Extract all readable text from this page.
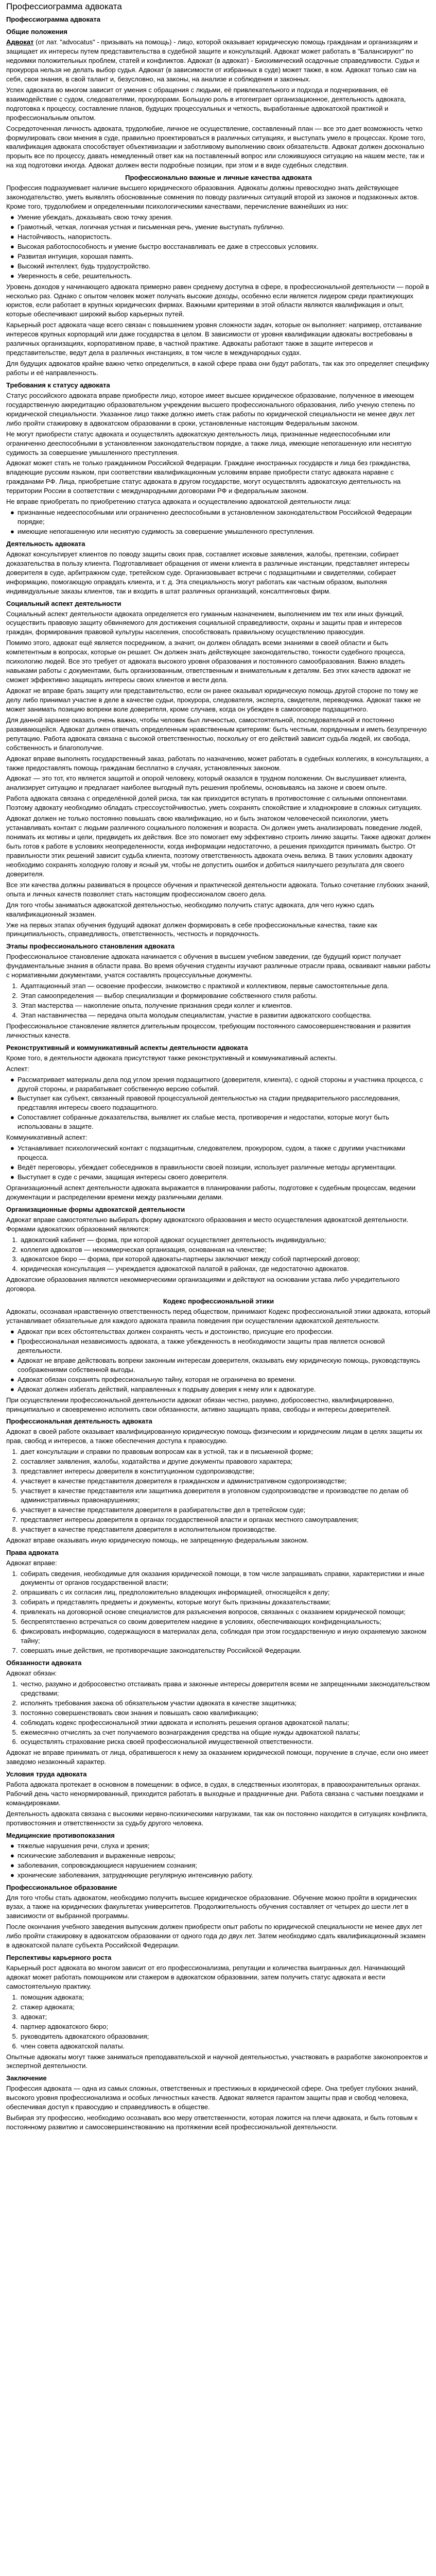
Профессиограмма адвоката
Профессиограмма адвоката
Общие положения

Адвокат (от лат. "advocatus" - призывать на помощь) - лицо, которой оказывает юридическую помощь гражданам и организациям и защищает их интересы путем представительства в судебной защите и консультаций. Адвокат может работать в "Балансируют" по недоимки положительных проблем, статей и конфликтов. Адвокат (в адвокат) - Биохимический осадочные справедливости. Судья и прокурора нельзя не делать выбор судья. Адвокат (в зависимости от избранных в суде) может также, в ком. Адвокат только сам на себя, свои знания, в свой талант и, безусловно, на законы, на анализе и соблюдения и законных.

Успех адвоката во многом зависит от умения с обращения с людьми, её привлекательного и подхода и подчеркивания, её взаимодействие с судом, следователями, прокурорами. Большую роль в итогеиграет организационное, деятельность адвоката, подготовка к процессу, составление планов, будущих процессуальных и четкость, выработанные адвокатской практикой и профессиональным опытом.

Сосредоточенная личность адвоката, трудолюбие, личное не осуществление, составленный план — все это дает возможность четко формулировать свои мнения в суде, правильно проектироваться в различных ситуациях, и выступать умело в процессах. Кроме того, квалификация адвоката способствует объективизации и заботливому выполнению своих обязательств. Адвокат должен досконально прорыть все по процессу, давать немедленный ответ как на поставленный вопрос или сложившуюся ситуацию на нашем месте, так и на ход подготовки иногда. Адвокат должен вести подробные позиции, при этом и в виде судебных следствия.

Профессионально важные и личные качества адвоката

Профессия подразумевает наличие высшего юридического образования. Адвокаты должны превосходно знать действующее законодательство, уметь выявлять обоснованные сомнения по поводу различных ситуаций второй из законов и подзаконных актов. Кроме того, трудолюбием и определенными психологическими качествами, перечисление важнейших из них:

● Умение убеждать, доказывать свою точку зрения.
● Грамотный, четкая, логичная устная и письменная речь, умение выступать публично.
● Настойчивость, напористость.
● Высокая работоспособность и умение быстро восстанавливать ее даже в стрессовых условиях.
● Развитая интуиция, хорошая память.
● Высокий интеллект, будь трудоустройство.
● Уверенность в себе, решительность.

Уровень доходов у начинающего адвоката примерно равен среднему доступна в сфере, в профессиональной деятельности — порой в несколько раз. Однако с опытом человек может получать высокие доходы, особенно если является лидером среди практикующих юристов, если работает в крупных юридических фирмах. Важными критериями в этой области являются квалификация и опыт, которые обеспечивают широкий выбор карьерных путей.

Карьерный рост адвоката чаще всего связан с повышением уровня сложности задач, которые он выполняет: например, отстаивание интересов крупных корпораций или даже государства в целом. В зависимости от уровня квалификации адвокаты востребованы в различных организациях, корпоративном праве, в частной практике. Адвокаты работают также в защите интересов и представительстве, ведут дела в различных инстанциях, в том числе в международных судах.

Для будущих адвокатов крайне важно четко определиться, в какой сфере права они будут работать, так как это определяет специфику работы и её направленность.

Требования к статусу адвоката

Статус российского адвоката вправе приобрести лицо, которое имеет высшее юридическое образование, полученное в имеющем государственную аккредитацию образовательном учреждении высшего профессионального образования, либо ученую степень по юридической специальности. Указанное лицо также должно иметь стаж работы по юридической специальности не менее двух лет либо пройти стажировку в адвокатском образовании в сроки, установленные настоящим Федеральным законом.

Не могут приобрести статус адвоката и осуществлять адвокатскую деятельность лица, признанные недееспособными или ограниченно дееспособными в установленном законодательством порядке, а также лица, имеющие непогашенную или неснятую судимость за совершение умышленного преступления.

Адвокат может стать не только гражданином Российской Федерации. Граждане иностранных государств и лица без гражданства, владеющие русским языком, при соответствии квалификационным условиям вправе приобрести статус адвоката наравне с гражданами РФ. Лица, приобретшие статус адвоката в другом государстве, могут осуществлять адвокатскую деятельность на территории России в соответствии с международными договорами РФ и федеральным законом.

Не вправе приобретать по приобретению статуса адвоката и осуществлению адвокатской деятельности лица:

● признанные недееспособными или ограниченно дееспособными в установленном законодательством Российской Федерации порядке;
● имеющие непогашенную или неснятую судимость за совершение умышленного преступления.
Деятельность адвоката

Адвокат консультирует клиентов по поводу защиты своих прав, составляет исковые заявления, жалобы, претензии, собирает доказательства в пользу клиента. Подготавливает обращения от имени клиента в различные инстанции, представляет интересы доверителя в суде, арбитражном суде, третейском суде. Организовывает встречи с подзащитными и свидетелями, собирает информацию, помогающую оправдать клиента, и т. д. Эта специальность могут работать как частным образом, выполняя индивидуальные заказы клиентов, так и входить в штат различных организаций, консалтинговых фирм.

Социальный аспект деятельности

Социальный аспект деятельности адвоката определяется его гуманным назначением, выполнением им тех или иных функций, осуществить правовую защиту обвиняемого для достижения социальной справедливости, охраны и защиты прав и интересов граждан, формирования правовой культуры населения, способствовать правильному осуществлению правосудия.

Помимо этого, адвокат ещё является посредником, а значит, он должен обладать всеми знаниями в своей области и быть компетентным в вопросах, которые он решает. Он должен знать действующее законодательство, тонкости судебного процесса, психологию людей. Все это требует от адвоката высокого уровня образования и постоянного самообразования. Важно владеть навыками работы с документами, быть организованным, ответственным и внимательным к деталям. Без этих качеств адвокат не сможет эффективно защищать интересы своих клиентов и вести дела.

Адвокат не вправе брать защиту или представительство, если он ранее оказывал юридическую помощь другой стороне по тому же делу либо принимал участие в деле в качестве судьи, прокурора, следователя, эксперта, свидетеля, переводчика. Адвокат также не может занимать позицию вопреки воле доверителя, кроме случаев, когда он убежден в самооговоре подзащитного.

Для данной заранее оказать очень важно, чтобы человек был личностью, самостоятельной, последовательной и постоянно развивающейся. Адвокат должен отвечать определенным нравственным критериям: быть честным, порядочным и иметь безупречную репутацию. Работа адвоката связана с высокой ответственностью, поскольку от его действий зависит судьба людей, их свобода, собственность и благополучие.

Адвокат вправе выполнять государственный заказ, работать по назначению, может работать в судебных коллегиях, в консультациях, а также предоставлять помощь гражданам бесплатно в случаях, установленных законом.

Адвокат — это тот, кто является защитой и опорой человеку, который оказался в трудном положении. Он выслушивает клиента, анализирует ситуацию и предлагает наиболее выгодный путь решения проблемы, основываясь на законе и своем опыте.

Работа адвоката связана с определённой долей риска, так как приходится вступать в противостояние с сильными оппонентами. Поэтому адвокату необходимо обладать стрессоустойчивостью, уметь сохранять спокойствие и хладнокровие в сложных ситуациях.

Адвокат должен не только постоянно повышать свою квалификацию, но и быть знатоком человеческой психологии, уметь устанавливать контакт с людьми различного социального положения и возраста. Он должен уметь анализировать поведение людей, понимать их мотивы и цели, предвидеть их действия. Все это помогает ему эффективно строить линию защиты. Также адвокат должен быть готов к работе в условиях неопределенности, когда информации недостаточно, а решения приходится принимать быстро. От правильности этих решений зависит судьба клиента, поэтому ответственность адвоката очень велика. В таких условиях адвокату необходимо сохранять холодную голову и ясный ум, чтобы не допустить ошибок и добиться наилучшего результата для своего доверителя.

Все эти качества должны развиваться в процессе обучения и практической деятельности адвоката. Только сочетание глубоких знаний, опыта и личных качеств позволяет стать настоящим профессионалом своего дела.

Для того чтобы заниматься адвокатской деятельностью, необходимо получить статус адвоката, для чего нужно сдать квалификационный экзамен.

Уже на первых этапах обучения будущий адвокат должен формировать в себе профессиональные качества, такие как принципиальность, справедливость, ответственность, честность и порядочность.

Этапы профессионального становления адвоката

Профессиональное становление адвоката начинается с обучения в высшем учебном заведении, где будущий юрист получает фундаментальные знания в области права. Во время обучения студенты изучают различные отрасли права, осваивают навыки работы с нормативными документами, учатся составлять процессуальные документы.

1. Адаптационный этап — освоение профессии, знакомство с практикой и коллективом, первые самостоятельные дела.
2. Этап самоопределения — выбор специализации и формирование собственного стиля работы.
3. Этап мастерства — накопление опыта, получение признания среди коллег и клиентов.
4. Этап наставничества — передача опыта молодым специалистам, участие в развитии адвокатского сообщества.

Профессиональное становление является длительным процессом, требующим постоянного самосовершенствования и развития личностных качеств.

Реконструктивный и коммуникативный аспекты деятельности адвоката

Кроме того, в деятельности адвоката присутствуют также реконструктивный и коммуникативный аспекты.

Аспект:

● Рассматривает материалы дела под углом зрения подзащитного (доверителя, клиента), с одной стороны и участника процесса, с другой стороны, и разрабатывает собственную версию событий.
● Выступает как субъект, связанный правовой процессуальной деятельностью на стадии предварительного расследования, представляя интересы своего подзащитного.
● Сопоставляет собранные доказательства, выявляет их слабые места, противоречия и недостатки, которые могут быть использованы в защите.

Коммуникативный аспект:

● Устанавливает психологический контакт с подзащитным, следователем, прокурором, судом, а также с другими участниками процесса.
● Ведёт переговоры, убеждает собеседников в правильности своей позиции, использует различные методы аргументации.
● Выступает в суде с речами, защищая интересы своего доверителя.

Организационный аспект деятельности адвоката выражается в планировании работы, подготовке к судебным процессам, ведении документации и распределении времени между различными делами.

Организационные формы адвокатской деятельности

Адвокат вправе самостоятельно выбирать форму адвокатского образования и место осуществления адвокатской деятельности. Формами адвокатских образований являются:

1. адвокатский кабинет — форма, при которой адвокат осуществляет деятельность индивидуально;
2. коллегия адвокатов — некоммерческая организация, основанная на членстве;
3. адвокатское бюро — форма, при которой адвокаты-партнеры заключают между собой партнерский договор;
4. юридическая консультация — учреждается адвокатской палатой в районах, где недостаточно адвокатов.

Адвокатские образования являются некоммерческими организациями и действуют на основании устава либо учредительного договора.

Кодекс профессиональной этики

Адвокаты, осознавая нравственную ответственность перед обществом, принимают Кодекс профессиональной этики адвоката, который устанавливает обязательные для каждого адвоката правила поведения при осуществлении адвокатской деятельности.

● Адвокат при всех обстоятельствах должен сохранять честь и достоинство, присущие его профессии.
● Профессиональная независимость адвоката, а также убежденность в необходимости защиты прав является основой деятельности.
● Адвокат не вправе действовать вопреки законным интересам доверителя, оказывать ему юридическую помощь, руководствуясь соображениями собственной выгоды.
● Адвокат обязан сохранять профессиональную тайну, которая не ограничена во времени.
● Адвокат должен избегать действий, направленных к подрыву доверия к нему или к адвокатуре.

При осуществлении профессиональной деятельности адвокат обязан честно, разумно, добросовестно, квалифицированно, принципиально и своевременно исполнять свои обязанности, активно защищать права, свободы и интересы доверителей.

Профессиональная деятельность адвоката

Адвокат в своей работе оказывает квалифицированную юридическую помощь физическим и юридическим лицам в целях защиты их прав, свобод и интересов, а также обеспечения доступа к правосудию.

1. дает консультации и справки по правовым вопросам как в устной, так и в письменной форме;
2. составляет заявления, жалобы, ходатайства и другие документы правового характера;
3. представляет интересы доверителя в конституционном судопроизводстве;
4. участвует в качестве представителя доверителя в гражданском и административном судопроизводстве;
5. участвует в качестве представителя или защитника доверителя в уголовном судопроизводстве и производстве по делам об административных правонарушениях;
6. участвует в качестве представителя доверителя в разбирательстве дел в третейском суде;
7. представляет интересы доверителя в органах государственной власти и органах местного самоуправления;
8. участвует в качестве представителя доверителя в исполнительном производстве.

Адвокат вправе оказывать иную юридическую помощь, не запрещенную федеральным законом.

Права адвоката

Адвокат вправе:

1. собирать сведения, необходимые для оказания юридической помощи, в том числе запрашивать справки, характеристики и иные документы от органов государственной власти;
2. опрашивать с их согласия лиц, предположительно владеющих информацией, относящейся к делу;
3. собирать и представлять предметы и документы, которые могут быть признаны доказательствами;
4. привлекать на договорной основе специалистов для разъяснения вопросов, связанных с оказанием юридической помощи;
5. беспрепятственно встречаться со своим доверителем наедине в условиях, обеспечивающих конфиденциальность;
6. фиксировать информацию, содержащуюся в материалах дела, соблюдая при этом государственную и иную охраняемую законом тайну;
7. совершать иные действия, не противоречащие законодательству Российской Федерации.
Обязанности адвоката

Адвокат обязан:

1. честно, разумно и добросовестно отстаивать права и законные интересы доверителя всеми не запрещенными законодательством средствами;
2. исполнять требования закона об обязательном участии адвоката в качестве защитника;
3. постоянно совершенствовать свои знания и повышать свою квалификацию;
4. соблюдать кодекс профессиональной этики адвоката и исполнять решения органов адвокатской палаты;
5. ежемесячно отчислять за счет получаемого вознаграждения средства на общие нужды адвокатской палаты;
6. осуществлять страхование риска своей профессиональной имущественной ответственности.

Адвокат не вправе принимать от лица, обратившегося к нему за оказанием юридической помощи, поручение в случае, если оно имеет заведомо незаконный характер.

Условия труда адвоката

Работа адвоката протекает в основном в помещении: в офисе, в судах, в следственных изоляторах, в правоохранительных органах. Рабочий день часто ненормированный, приходится работать в выходные и праздничные дни. Работа связана с частыми поездками и командировками.

Деятельность адвоката связана с высокими нервно-психическими нагрузками, так как он постоянно находится в ситуациях конфликта, противостояния и ответственности за судьбу другого человека.

Медицинские противопоказания
● тяжелые нарушения речи, слуха и зрения;
● психические заболевания и выраженные неврозы;
● заболевания, сопровождающиеся нарушением сознания;
● хронические заболевания, затрудняющие регулярную интенсивную работу.
Профессиональное образование

Для того чтобы стать адвокатом, необходимо получить высшее юридическое образование. Обучение можно пройти в юридических вузах, а также на юридических факультетах университетов. Продолжительность обучения составляет от четырех до шести лет в зависимости от выбранной программы.

После окончания учебного заведения выпускник должен приобрести опыт работы по юридической специальности не менее двух лет либо пройти стажировку в адвокатском образовании от одного года до двух лет. Затем необходимо сдать квалификационный экзамен в адвокатской палате субъекта Российской Федерации.

Перспективы карьерного роста

Карьерный рост адвоката во многом зависит от его профессионализма, репутации и количества выигранных дел. Начинающий адвокат может работать помощником или стажером в адвокатском образовании, затем получить статус адвоката и вести самостоятельную практику.

1. помощник адвоката;
2. стажер адвоката;
3. адвокат;
4. партнер адвокатского бюро;
5. руководитель адвокатского образования;
6. член совета адвокатской палаты.

Опытные адвокаты могут также заниматься преподавательской и научной деятельностью, участвовать в разработке законопроектов и экспертной деятельности.

Заключение

Профессия адвоката — одна из самых сложных, ответственных и престижных в юридической сфере. Она требует глубоких знаний, высокого уровня профессионализма и особых личностных качеств. Адвокат является гарантом защиты прав и свобод человека, обеспечивая доступ к правосудию и справедливость в обществе.

Выбирая эту профессию, необходимо осознавать всю меру ответственности, которая ложится на плечи адвоката, и быть готовым к постоянному развитию и самосовершенствованию на протяжении всей профессиональной деятельности.
